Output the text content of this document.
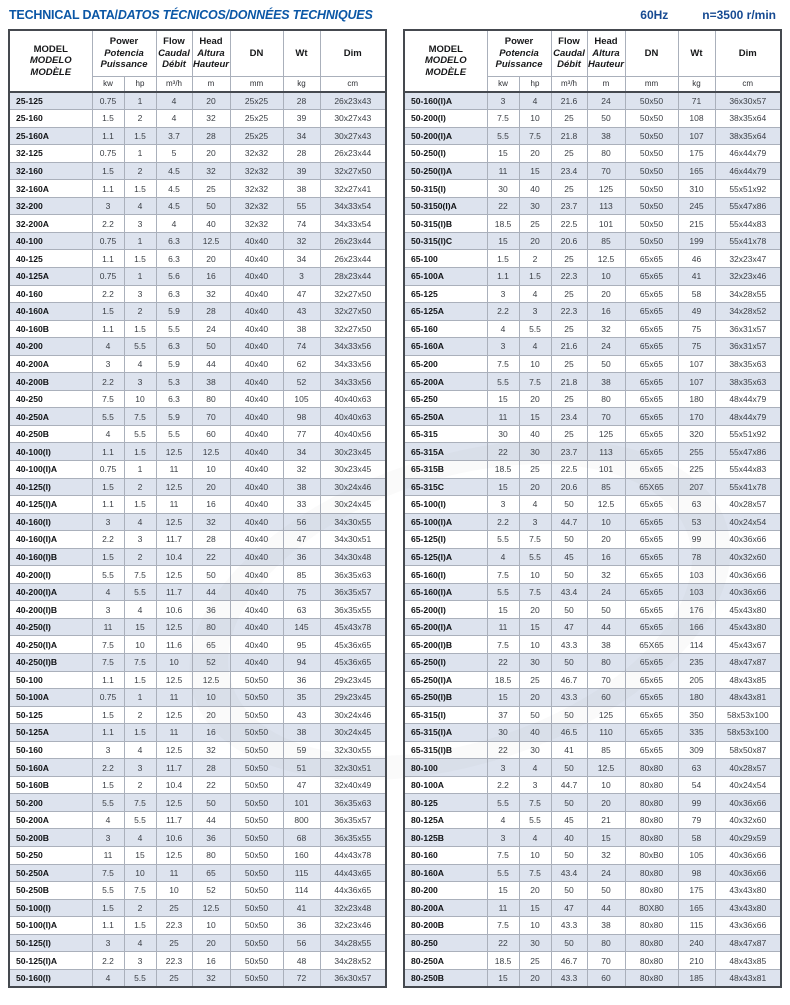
TECHNICAL DATA/DATOS TÉCNICOS/DONNÉES TECHNIQUES	60Hz	n=3500 r/min
MODEL
MODELO
MODÈLE	Power
Potencia
Puissance		Flow
Caudal
Débit	Head
Altura
Hauteur	DN	Wt	Dim
	kw	hp	m³/h	m	mm	kg	cm
25-125	0.75	1	4	20	25x25	28	26x23x43
25-160	1.5	2	4	32	25x25	39	30x27x43
25-160A	1.1	1.5	3.7	28	25x25	34	30x27x43
32-125	0.75	1	5	20	32x32	28	26x23x44
32-160	1.5	2	4.5	32	32x32	39	32x27x50
32-160A	1.1	1.5	4.5	25	32x32	38	32x27x41
32-200	3	4	4.5	50	32x32	55	34x33x54
32-200A	2.2	3	4	40	32x32	74	34x33x54
40-100	0.75	1	6.3	12.5	40x40	32	26x23x44
40-125	1.1	1.5	6.3	20	40x40	34	26x23x44
40-125A	0.75	1	5.6	16	40x40	3	28x23x44
40-160	2.2	3	6.3	32	40x40	47	32x27x50
40-160A	1.5	2	5.9	28	40x40	43	32x27x50
40-160B	1.1	1.5	5.5	24	40x40	38	32x27x50
40-200	4	5.5	6.3	50	40x40	74	34x33x56
40-200A	3	4	5.9	44	40x40	62	34x33x56
40-200B	2.2	3	5.3	38	40x40	52	34x33x56
40-250	7.5	10	6.3	80	40x40	105	40x40x63
40-250A	5.5	7.5	5.9	70	40x40	98	40x40x63
40-250B	4	5.5	5.5	60	40x40	77	40x40x56
40-100(I)	1.1	1.5	12.5	12.5	40x40	34	30x23x45
40-100(I)A	0.75	1	11	10	40x40	32	30x23x45
40-125(I)	1.5	2	12.5	20	40x40	38	30x24x46
40-125(I)A	1.1	1.5	11	16	40x40	33	30x24x45
40-160(I)	3	4	12.5	32	40x40	56	34x30x55
40-160(I)A	2.2	3	11.7	28	40x40	47	34x30x51
40-160(I)B	1.5	2	10.4	22	40x40	36	34x30x48
40-200(I)	5.5	7.5	12.5	50	40x40	85	36x35x63
40-200(I)A	4	5.5	11.7	44	40x40	75	36x35x57
40-200(I)B	3	4	10.6	36	40x40	63	36x35x55
40-250(I)	11	15	12.5	80	40x40	145	45x43x78
40-250(I)A	7.5	10	11.6	65	40x40	95	45x36x65
40-250(I)B	7.5	7.5	10	52	40x40	94	45x36x65
50-100	1.1	1.5	12.5	12.5	50x50	36	29x23x45
50-100A	0.75	1	11	10	50x50	35	29x23x45
50-125	1.5	2	12.5	20	50x50	43	30x24x46
50-125A	1.1	1.5	11	16	50x50	38	30x24x45
50-160	3	4	12.5	32	50x50	59	32x30x55
50-160A	2.2	3	11.7	28	50x50	51	32x30x51
50-160B	1.5	2	10.4	22	50x50	47	32x40x49
50-200	5.5	7.5	12.5	50	50x50	101	36x35x63
50-200A	4	5.5	11.7	44	50x50	800	36x35x57
50-200B	3	4	10.6	36	50x50	68	36x35x55
50-250	11	15	12.5	80	50x50	160	44x43x78
50-250A	7.5	10	11	65	50x50	115	44x43x65
50-250B	5.5	7.5	10	52	50x50	114	44x36x65
50-100(I)	1.5	2	25	12.5	50x50	41	32x23x48
50-100(I)A	1.1	1.5	22.3	10	50x50	36	32x23x46
50-125(I)	3	4	25	20	50x50	56	34x28x55
50-125(I)A	2.2	3	22.3	16	50x50	48	34x28x52
50-160(I)	4	5.5	25	32	50x50	72	36x30x57
MODEL
MODELO
MODÈLE	Power
Potencia
Puissance		Flow
Caudal
Débit	Head
Altura
Hauteur	DN	Wt	Dim
	kw	hp	m³/h	m	mm	kg	cm
50-160(I)A	3	4	21.6	24	50x50	71	36x30x57
50-200(I)	7.5	10	25	50	50x50	108	38x35x64
50-200(I)A	5.5	7.5	21.8	38	50x50	107	38x35x64
50-250(I)	15	20	25	80	50x50	175	46x44x79
50-250(I)A	11	15	23.4	70	50x50	165	46x44x79
50-315(I)	30	40	25	125	50x50	310	55x51x92
50-3150(I)A	22	30	23.7	113	50x50	245	55x47x86
50-315(I)B	18.5	25	22.5	101	50x50	215	55x44x83
50-315(I)C	15	20	20.6	85	50x50	199	55x41x78
65-100	1.5	2	25	12.5	65x65	46	32x23x47
65-100A	1.1	1.5	22.3	10	65x65	41	32x23x46
65-125	3	4	25	20	65x65	58	34x28x55
65-125A	2.2	3	22.3	16	65x65	49	34x28x52
65-160	4	5.5	25	32	65x65	75	36x31x57
65-160A	3	4	21.6	24	65x65	75	36x31x57
65-200	7.5	10	25	50	65x65	107	38x35x63
65-200A	5.5	7.5	21.8	38	65x65	107	38x35x63
65-250	15	20	25	80	65x65	180	48x44x79
65-250A	11	15	23.4	70	65x65	170	48x44x79
65-315	30	40	25	125	65x65	320	55x51x92
65-315A	22	30	23.7	113	65x65	255	55x47x86
65-315B	18.5	25	22.5	101	65x65	225	55x44x83
65-315C	15	20	20.6	85	65X65	207	55x41x78
65-100(I)	3	4	50	12.5	65x65	63	40x28x57
65-100(I)A	2.2	3	44.7	10	65x65	53	40x24x54
65-125(I)	5.5	7.5	50	20	65x65	99	40x36x66
65-125(I)A	4	5.5	45	16	65x65	78	40x32x60
65-160(I)	7.5	10	50	32	65x65	103	40x36x66
65-160(I)A	5.5	7.5	43.4	24	65x65	103	40x36x66
65-200(I)	15	20	50	50	65x65	176	45x43x80
65-200(I)A	11	15	47	44	65x65	166	45x43x80
65-200(I)B	7.5	10	43.3	38	65X65	114	45x43x67
65-250(I)	22	30	50	80	65x65	235	48x47x87
65-250(I)A	18.5	25	46.7	70	65x65	205	48x43x85
65-250(I)B	15	20	43.3	60	65x65	180	48x43x81
65-315(I)	37	50	50	125	65x65	350	58x53x100
65-315(I)A	30	40	46.5	110	65x65	335	58x53x100
65-315(I)B	22	30	41	85	65x65	309	58x50x87
80-100	3	4	50	12.5	80x80	63	40x28x57
80-100A	2.2	3	44.7	10	80x80	54	40x24x54
80-125	5.5	7.5	50	20	80x80	99	40x36x66
80-125A	4	5.5	45	21	80x80	79	40x32x60
80-125B	3	4	40	15	80x80	58	40x29x59
80-160	7.5	10	50	32	80xB0	105	40x36x66
80-160A	5.5	7.5	43.4	24	80x80	98	40x36x66
80-200	15	20	50	50	80x80	175	43x43x80
80-200A	11	15	47	44	80X80	165	43x43x80
80-200B	7.5	10	43.3	38	80x80	115	43x36x66
80-250	22	30	50	80	80x80	240	48x47x87
80-250A	18.5	25	46.7	70	80x80	210	48x43x85
80-250B	15	20	43.3	60	80x80	185	48x43x81
